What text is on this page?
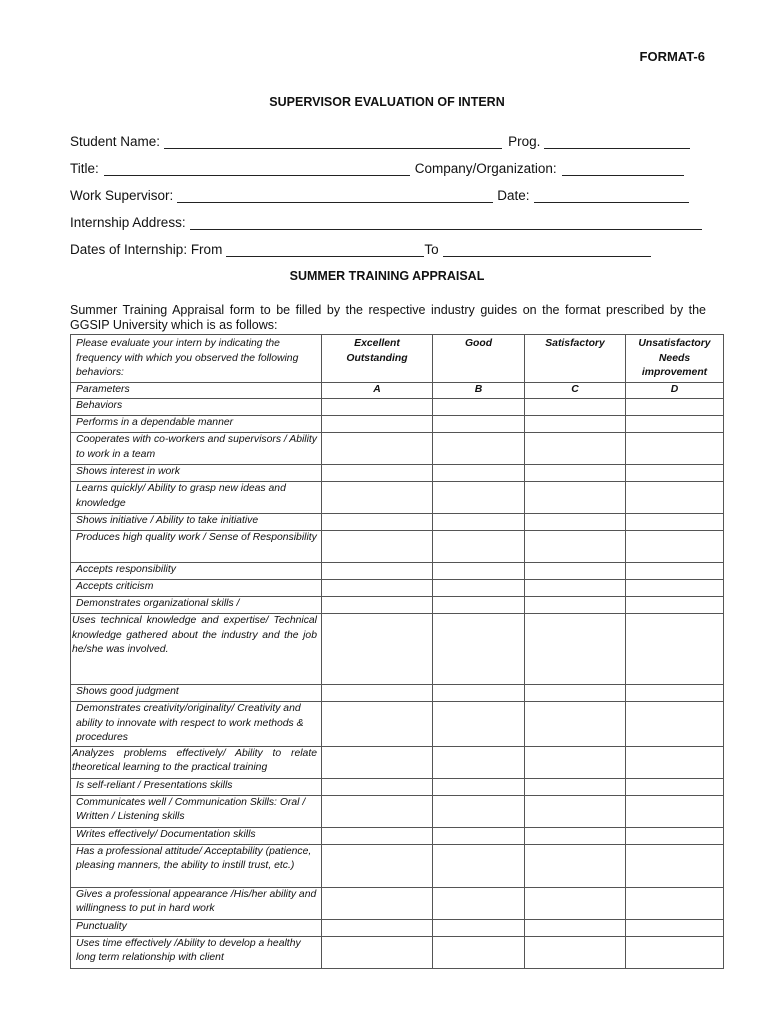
FORMAT-6
SUPERVISOR EVALUATION OF INTERN
Student Name:	Prog.
Title:	Company/Organization:
Work Supervisor:	Date:
Internship Address:
Dates of Internship: From	To
SUMMER TRAINING APPRAISAL
Summer Training Appraisal form to be filled by the respective industry guides on the format prescribed by the GGSIP University which is as follows:
Please evaluate your intern by indicating the frequency with which you observed the following behaviors:	Excellent Outstanding	Good	Satisfactory	Unsatisfactory Needs improvement
Parameters	A	B	C	D
Behaviors				
Performs in a dependable manner				
Cooperates with co-workers and supervisors / Ability to work in a team				
Shows interest in work				
Learns quickly/ Ability to grasp new ideas and knowledge				
Shows initiative / Ability to take initiative				
Produces high quality work / Sense of Responsibility				
Accepts responsibility				
Accepts criticism				
Demonstrates organizational skills /				
Uses technical knowledge and expertise/ Technical knowledge gathered about the industry and the job he/she was involved.				
Shows good judgment				
Demonstrates creativity/originality/ Creativity and ability to innovate with respect to work methods & procedures				
Analyzes problems effectively/ Ability to relate theoretical learning to the practical training				
Is self-reliant / Presentations skills				
Communicates well / Communication Skills: Oral / Written / Listening skills				
Writes effectively/ Documentation skills				
Has a professional attitude/ Acceptability (patience, pleasing manners, the ability to instill trust, etc.)				
Gives a professional appearance /His/her ability and willingness to put in hard work				
Punctuality				
Uses time effectively /Ability to develop a healthy long term relationship with client				
